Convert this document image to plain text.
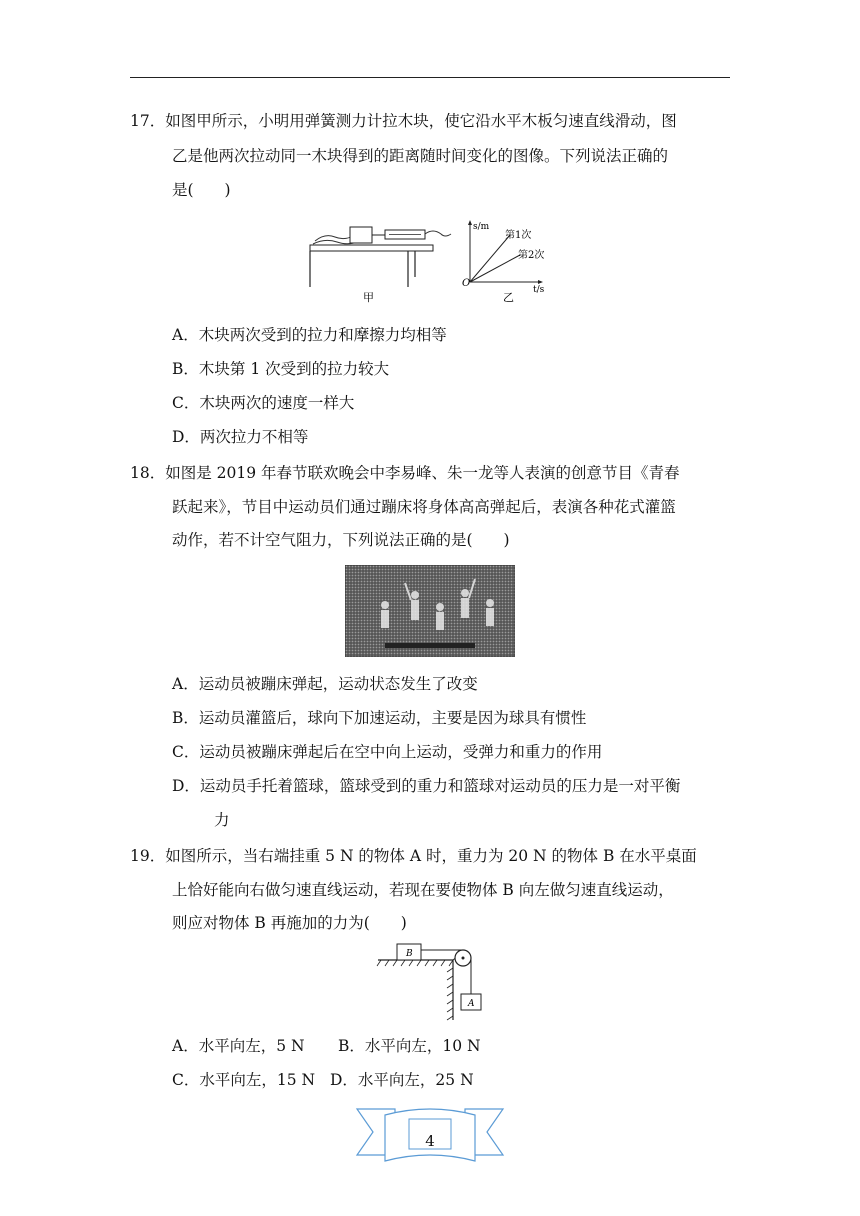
17．如图甲所示，小明用弹簧测力计拉木块，使它沿水平木板匀速直线滑动，图
乙是他两次拉动同一木块得到的距离随时间变化的图像。下列说法正确的
是(　　)
甲
s/m
第1次
第2次
O
t/s
乙
A．木块两次受到的拉力和摩擦力均相等
B．木块第 1 次受到的拉力较大
C．木块两次的速度一样大
D．两次拉力不相等
18．如图是 2019 年春节联欢晚会中李易峰、朱一龙等人表演的创意节目《青春
跃起来》，节目中运动员们通过蹦床将身体高高弹起后，表演各种花式灌篮
动作，若不计空气阻力，下列说法正确的是(　　)
A．运动员被蹦床弹起，运动状态发生了改变
B．运动员灌篮后，球向下加速运动，主要是因为球具有惯性
C．运动员被蹦床弹起后在空中向上运动，受弹力和重力的作用
D．运动员手托着篮球，篮球受到的重力和篮球对运动员的压力是一对平衡
力
19．如图所示，当右端挂重 5 N 的物体 A 时，重力为 20 N 的物体 B 在水平桌面
上恰好能向右做匀速直线运动，若现在要使物体 B 向左做匀速直线运动，
则应对物体 B 再施加的力为(　　)
B
A
A．水平向左，5 N B．水平向左，10 N
C．水平向左，15 N D．水平向左，25 N
4
